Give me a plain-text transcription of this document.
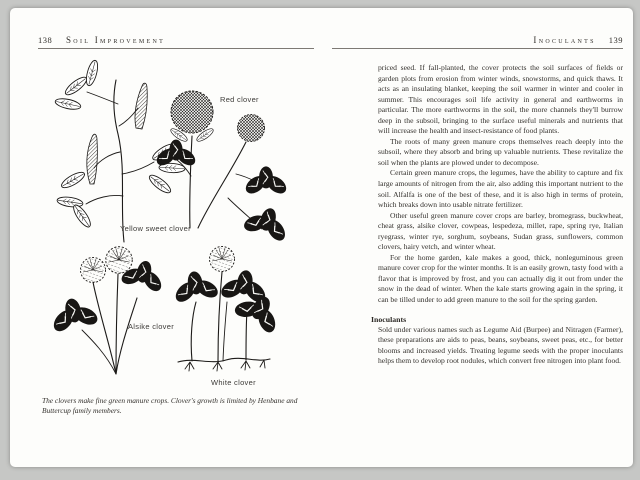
138 Soil Improvement	Inoculants 139
Red clover
Yellow sweet clover
Alsike clover
White clover
The clovers make fine green manure crops. Clover's growth is limited by Henbane and Buttercup family members.

priced seed. If fall-planted, the cover protects the soil surfaces of fields or garden plots from erosion from winter winds, snowstorms, and quick thaws. It acts as an insulating blanket, keeping the soil warmer in winter and cooler in summer. This encourages soil life activity in general and earthworms in particular. The more earthworms in the soil, the more channels they'll burrow deep in the subsoil, bringing to the surface useful minerals and nutrients that will increase the health and insect-resistance of food plants.

The roots of many green manure crops themselves reach deeply into the subsoil, where they absorb and bring up valuable nutrients. These revitalize the soil when the plants are plowed under to decompose.

Certain green manure crops, the legumes, have the ability to capture and fix large amounts of nitrogen from the air, also adding this important nutrient to the soil. Alfalfa is one of the best of these, and it is also high in terms of protein, which breaks down into usable nitrate fertilizer.

Other useful green manure cover crops are barley, bromegrass, buckwheat, cheat grass, alsike clover, cowpeas, lespedeza, millet, rape, spring rye, Italian ryegrass, winter rye, sorghum, soybeans, Sudan grass, sunflowers, common clovers, hairy vetch, and winter wheat.

For the home garden, kale makes a good, thick, nonleguminous green manure cover crop for the winter months. It is an easily grown, tasty food with a flavor that is improved by frost, and you can actually dig it out from under the snow in the dead of winter. When the kale starts growing again in the spring, it can be tilled under to add green manure to the soil for the spring garden.

Inoculants
Sold under various names such as Legume Aid (Burpee) and Nitragen (Farmer), these preparations are aids to peas, beans, soybeans, sweet peas, etc., for better blooms and increased yields. Treating legume seeds with the proper inoculants helps them to develop root nodules, which convert free nitrogen into plant food.
